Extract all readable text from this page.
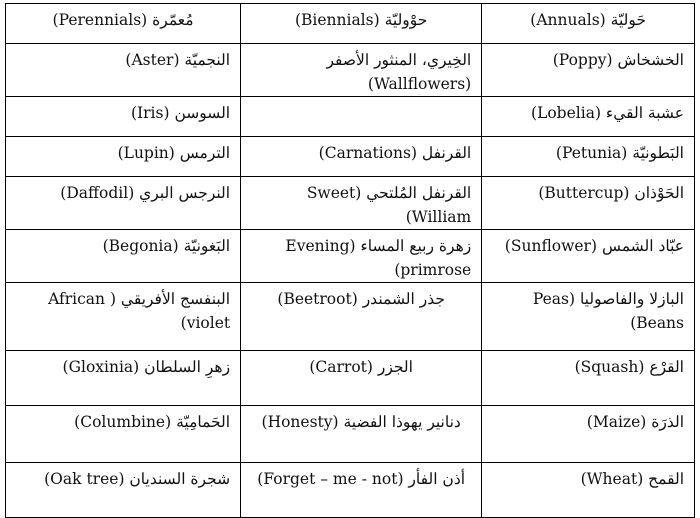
حَوليّة (Annuals)	حوْوليّة (Biennials)	مُعمّرة (Perennials)
الخشخاش (Poppy)	الخِيري، المنثور الأصفر (Wallflowers)	النجميّة (Aster)
عشبة القيء (Lobelia)		السوسن (Iris)
البَطونيّة (Petunia)	القرنفل (Carnations)	الترمس (Lupin)
الحَوْذان (Buttercup)	القرنفل المُلتحي (Sweet William)	النرجس البري (Daffodil)
عبّاد الشمس (Sunflower)	زهرة ربيع المساء (Evening primrose)	البَغونيّة (Begonia)
البازلا والفاصوليا (Peas Beans)	جذر الشمندر (Beetroot)	البنفسج الأفريقي ( African violet)
القرْع (Squash)	الجزر (Carrot)	زهرِ السلطان (Gloxinia)
الذرَة (Maize)	دنانير يهوذا الفضية (Honesty)	الحَمامِيّة (Columbine)
القمح (Wheat)	أذن الفأر (Forget – me - not)	شجرة السنديان (Oak tree)
